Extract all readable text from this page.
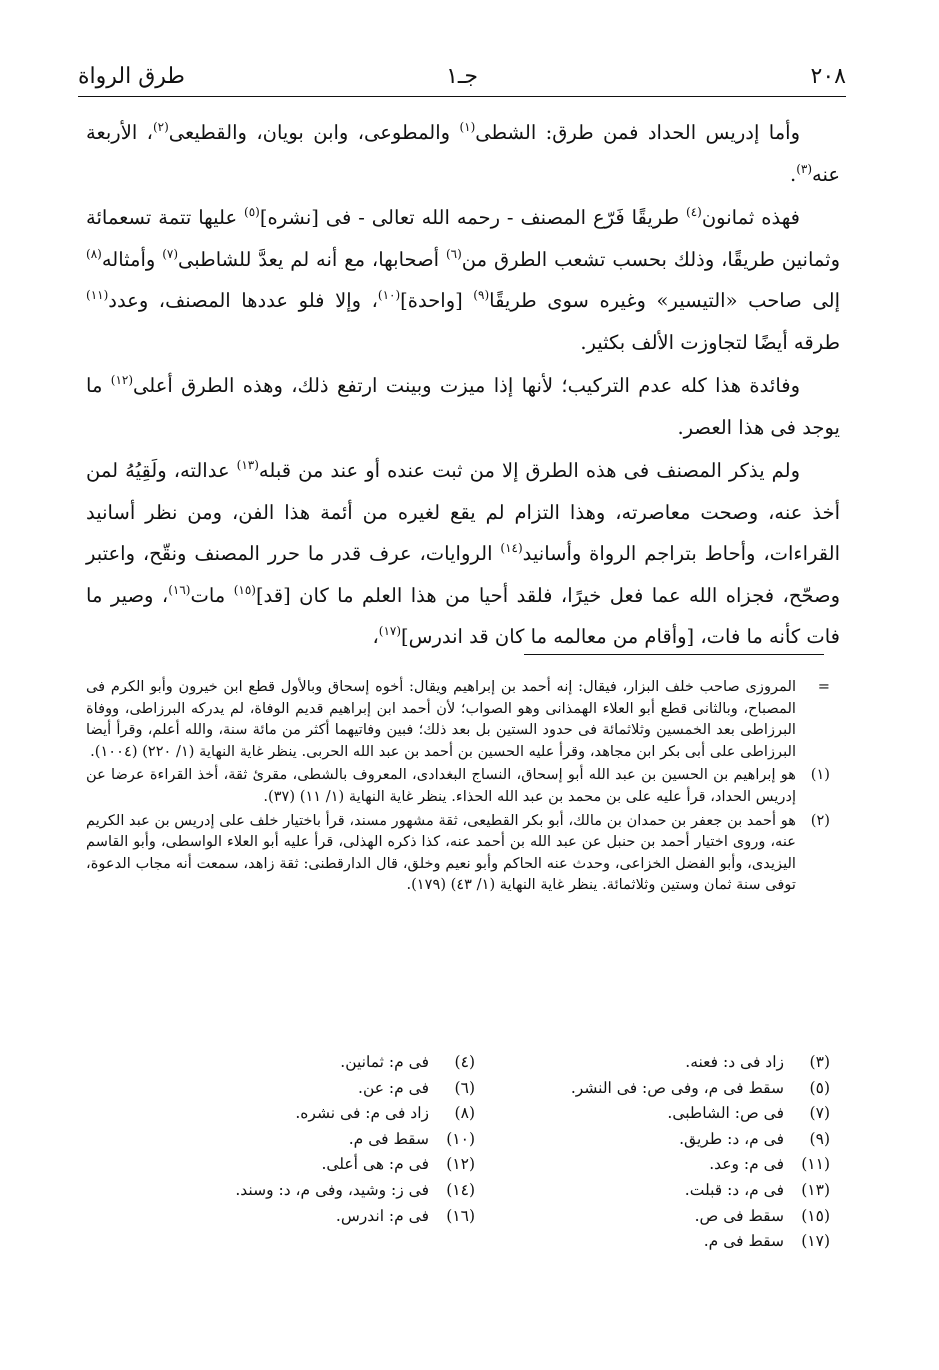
٢٠٨
جـ١
طرق الرواة

وأما إدريس الحداد فمن طرق: الشطى$^{(١)}$ والمطوعى، وابن بويان، والقطيعى$^{(٢)}$، الأربعة عنه$^{(٣)}$.

فهذه ثمانون$^{(٤)}$ طريقًا فَرّع المصنف - رحمه الله تعالى - فى [نشره]$^{(٥)}$ عليها تتمة تسعمائة وثمانين طريقًا، وذلك بحسب تشعب الطرق من$^{(٦)}$ أصحابها، مع أنه لم يعدَّ للشاطبى$^{(٧)}$ وأمثاله$^{(٨)}$ إلى صاحب «التيسير» وغيره سوى طريقًا$^{(٩)}$ [واحدة]$^{(١٠)}$، وإلا فلو عددها المصنف، وعدد$^{(١١)}$ طرقه أيضًا لتجاوزت الألف بكثير.

وفائدة هذا كله عدم التركيب؛ لأنها إذا ميزت وبينت ارتفع ذلك، وهذه الطرق أعلى$^{(١٢)}$ ما يوجد فى هذا العصر.

ولم يذكر المصنف فى هذه الطرق إلا من ثبت عنده أو عند من قبله$^{(١٣)}$ عدالته، ولَقِيُهُ لمن أخذ عنه، وصحت معاصرته، وهذا التزام لم يقع لغيره من أئمة هذا الفن، ومن نظر أسانيد القراءات، وأحاط بتراجم الرواة وأسانيد$^{(١٤)}$ الروايات، عرف قدر ما حرر المصنف ونقّح، واعتبر وصحّح، فجزاه الله عما فعل خيرًا، فلقد أحيا من هذا العلم ما كان [قد]$^{(١٥)}$ مات$^{(١٦)}$، وصير ما فات كأنه ما فات، [وأقام من معالمه ما كان قد اندرس]$^{(١٧)}$،

=
المروزى صاحب خلف البزار، فيقال: إنه أحمد بن إبراهيم ويقال: أخوه إسحاق وبالأول قطع ابن خيرون وأبو الكرم فى المصباح، وبالثانى قطع أبو العلاء الهمذانى وهو الصواب؛ لأن أحمد ابن إبراهيم قديم الوفاة، لم يدركه البرزاطى، ووفاة البرزاطى بعد الخمسين وثلاثمائة فى حدود الستين بل بعد ذلك؛ فبين وفاتيهما أكثر من مائة سنة، والله أعلم، وقرأ أيضا البرزاطى على أبى بكر ابن مجاهد، وقرأ عليه الحسين بن أحمد بن عبد الله الحربى. ينظر غاية النهاية (١/ ٢٢٠) (١٠٠٤).
(١)
هو إبراهيم بن الحسين بن عبد الله أبو إسحاق، النساج البغدادى، المعروف بالشطى، مقرئ ثقة، أخذ القراءة عرضا عن إدريس الحداد، قرأ عليه على بن محمد بن عبد الله الحذاء. ينظر غاية النهاية (١/ ١١) (٣٧).
(٢)
هو أحمد بن جعفر بن حمدان بن مالك، أبو بكر القطيعى، ثقة مشهور مسند، قرأ باختيار خلف على إدريس بن عبد الكريم عنه، وروى اختيار أحمد بن حنبل عن عبد الله بن أحمد عنه، كذا ذكره الهذلى، قرأ عليه أبو العلاء الواسطى، وأبو القاسم اليزيدى، وأبو الفضل الخزاعى، وحدث عنه الحاكم وأبو نعيم وخلق، قال الدارقطنى: ثقة زاهد، سمعت أنه مجاب الدعوة، توفى سنة ثمان وستين وثلاثمائة. ينظر غاية النهاية (١/ ٤٣) (١٧٩).
(٣)
زاد فى د: فعنه.
(٤)
فى م: ثمانين.
(٥)
سقط فى م، وفى ص: فى النشر.
(٦)
فى م: عن.
(٧)
فى ص: الشاطبى.
(٨)
زاد فى م: فى نشره.
(٩)
فى م، د: طريق.
(١٠)
سقط فى م.
(١١)
فى م: وعد.
(١٢)
فى م: هى أعلى.
(١٣)
فى م، د: قبلت.
(١٤)
فى ز: وشيد، وفى م، د: وسند.
(١٥)
سقط فى ص.
(١٦)
فى م: اندرس.
(١٧)
سقط فى م.
